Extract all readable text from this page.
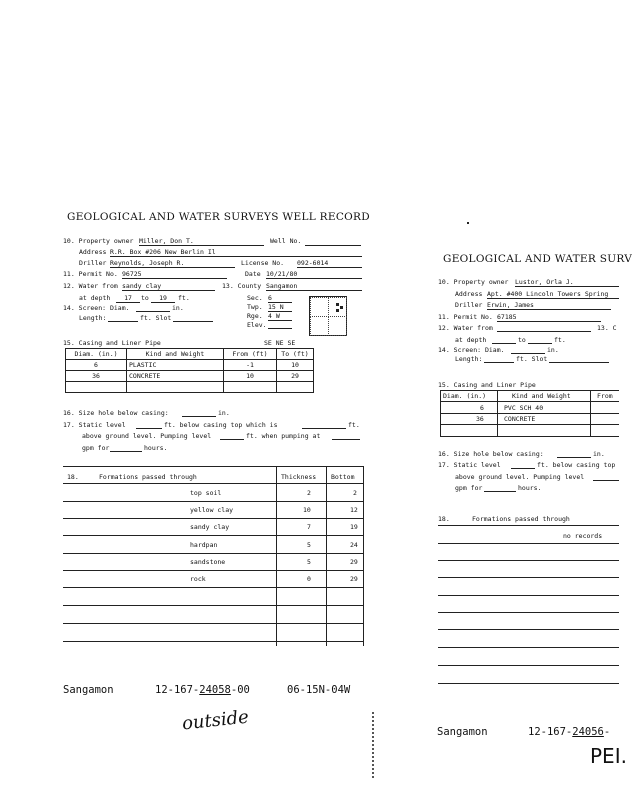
GEOLOGICAL AND WATER SURVEYS WELL RECORD
10. Property owner Miller, Don T.	Well No.
Address R.R. Box #206 New Berlin Il
Driller Reynolds, Joseph R.	License No. 092-6014
11. Permit No. 96725	Date 10/21/80
12. Water from sandy clay	13. County Sangamon
at depth	17	to	19	ft.
14. Screen: Diam.	in.
Length:	ft. Slot
Sec. 6
Twp. 15 N
Rge. 4 W
Elev.
15. Casing and Liner Pipe	SE NE SE
Diam. (in.)	Kind and Weight	From (ft)	To (ft)
6	PLASTIC	-1	10
36	CONCRETE	10	29

16. Size hole below casing:	in.
17. Static level	ft. below casing top which is	ft.
above ground level. Pumping level	ft. when pumping at
gpm for	hours.
18.	Formations passed through	Thickness Bottom
top soil	2	2
yellow clay	10	12
sandy clay	7	19
hardpan	5	24
sandstone	5	29
rock	0	29
Sangamon	12-167-24058-00	06-15N-04W
outside
GEOLOGICAL AND WATER SURV
10. Property owner Lustor, Orla J.
Address Apt. #400 Lincoln Towers Spring
Driller Erwin, James
11. Permit No. 67185
12. Water from	13. C
at depth	to	ft.
14. Screen: Diam.	in.
Length:	ft. Slot
15. Casing and Liner Pipe
Diam. (in.)	Kind and Weight	From
6	PVC SCH 40
36	CONCRETE
16. Size hole below casing:	in.
17. Static level	ft. below casing top
above ground level. Pumping level
gpm for	hours.
18.	Formations passed through
no records
Sangamon	12-167-24056-
PEI.
